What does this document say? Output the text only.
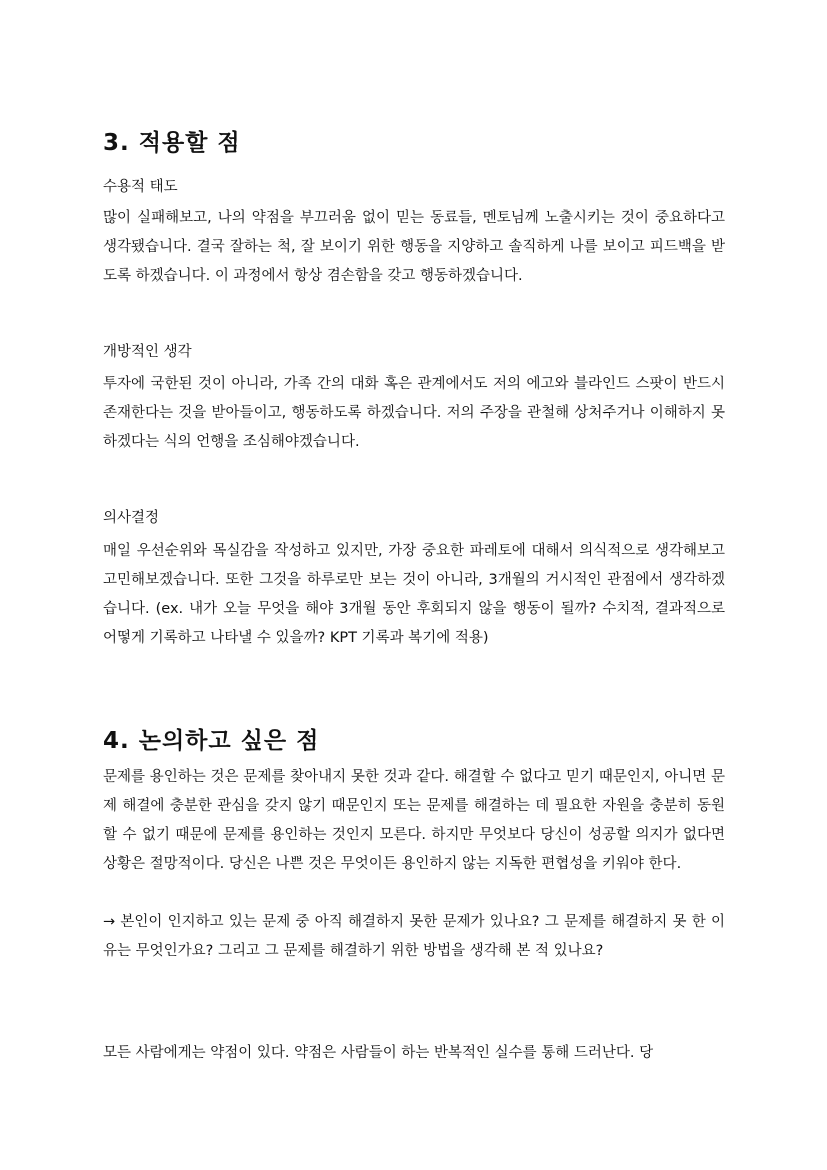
3. 적용할 점

수용적 태도

많이 실패해보고, 나의 약점을 부끄러움 없이 믿는 동료들, 멘토님께 노출시키는 것이 중요하다고 생각됐습니다. 결국 잘하는 척, 잘 보이기 위한 행동을 지양하고 솔직하게 나를 보이고 피드백을 받도록 하겠습니다. 이 과정에서 항상 겸손함을 갖고 행동하겠습니다.

개방적인 생각

투자에 국한된 것이 아니라, 가족 간의 대화 혹은 관계에서도 저의 에고와 블라인드 스팟이 반드시 존재한다는 것을 받아들이고, 행동하도록 하겠습니다. 저의 주장을 관철해 상처주거나 이해하지 못하겠다는 식의 언행을 조심해야겠습니다.

의사결정

매일 우선순위와 목실감을 작성하고 있지만, 가장 중요한 파레토에 대해서 의식적으로 생각해보고 고민해보겠습니다. 또한 그것을 하루로만 보는 것이 아니라, 3개월의 거시적인 관점에서 생각하겠습니다. (ex. 내가 오늘 무엇을 해야 3개월 동안 후회되지 않을 행동이 될까? 수치적, 결과적으로 어떻게 기록하고 나타낼 수 있을까? KPT 기록과 복기에 적용)

4. 논의하고 싶은 점

문제를 용인하는 것은 문제를 찾아내지 못한 것과 같다. 해결할 수 없다고 믿기 때문인지, 아니면 문제 해결에 충분한 관심을 갖지 않기 때문인지 또는 문제를 해결하는 데 필요한 자원을 충분히 동원할 수 없기 때문에 문제를 용인하는 것인지 모른다. 하지만 무엇보다 당신이 성공할 의지가 없다면 상황은 절망적이다. 당신은 나쁜 것은 무엇이든 용인하지 않는 지독한 편협성을 키워야 한다.

→ 본인이 인지하고 있는 문제 중 아직 해결하지 못한 문제가 있나요? 그 문제를 해결하지 못 한 이유는 무엇인가요? 그리고 그 문제를 해결하기 위한 방법을 생각해 본 적 있나요?

모든 사람에게는 약점이 있다. 약점은 사람들이 하는 반복적인 실수를 통해 드러난다. 당
